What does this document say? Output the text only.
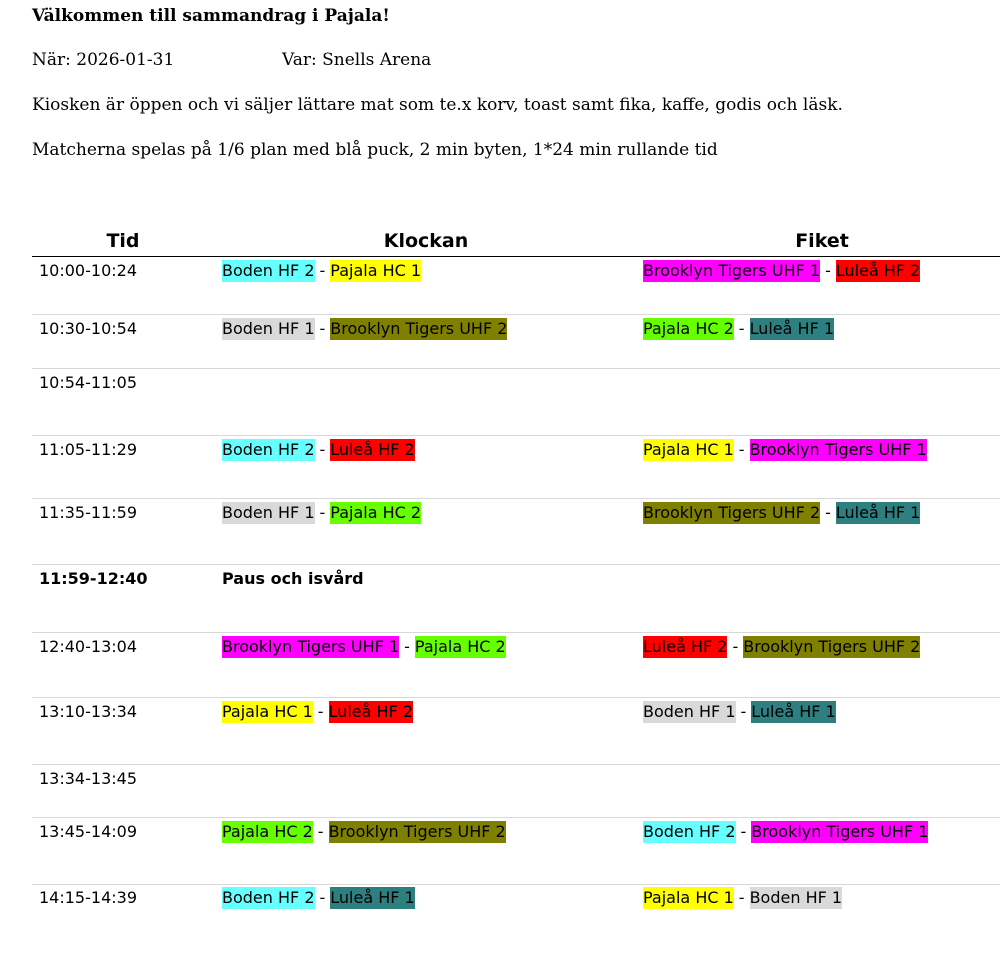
Välkommen till sammandrag i Pajala!
När: 2026-01-31	Var: Snells Arena
Kiosken är öppen och vi säljer lättare mat som te.x korv, toast samt fika, kaffe, godis och läsk.
Matcherna spelas på 1/6 plan med blå puck, 2 min byten, 1*24 min rullande tid
Tid	Klockan	Fiket
10:00-10:24	Boden HF 2 - Pajala HC 1	Brooklyn Tigers UHF 1 - Luleå HF 2
10:30-10:54	Boden HF 1 - Brooklyn Tigers UHF 2	Pajala HC 2 - Luleå HF 1
10:54-11:05
11:05-11:29	Boden HF 2 - Luleå HF 2	Pajala HC 1 - Brooklyn Tigers UHF 1
11:35-11:59	Boden HF 1 - Pajala HC 2	Brooklyn Tigers UHF 2 - Luleå HF 1
11:59-12:40	Paus och isvård
12:40-13:04	Brooklyn Tigers UHF 1 - Pajala HC 2	Luleå HF 2 - Brooklyn Tigers UHF 2
13:10-13:34	Pajala HC 1 - Luleå HF 2	Boden HF 1 - Luleå HF 1
13:34-13:45
13:45-14:09	Pajala HC 2 - Brooklyn Tigers UHF 2	Boden HF 2 - Brooklyn Tigers UHF 1
14:15-14:39	Boden HF 2 - Luleå HF 1	Pajala HC 1 - Boden HF 1
